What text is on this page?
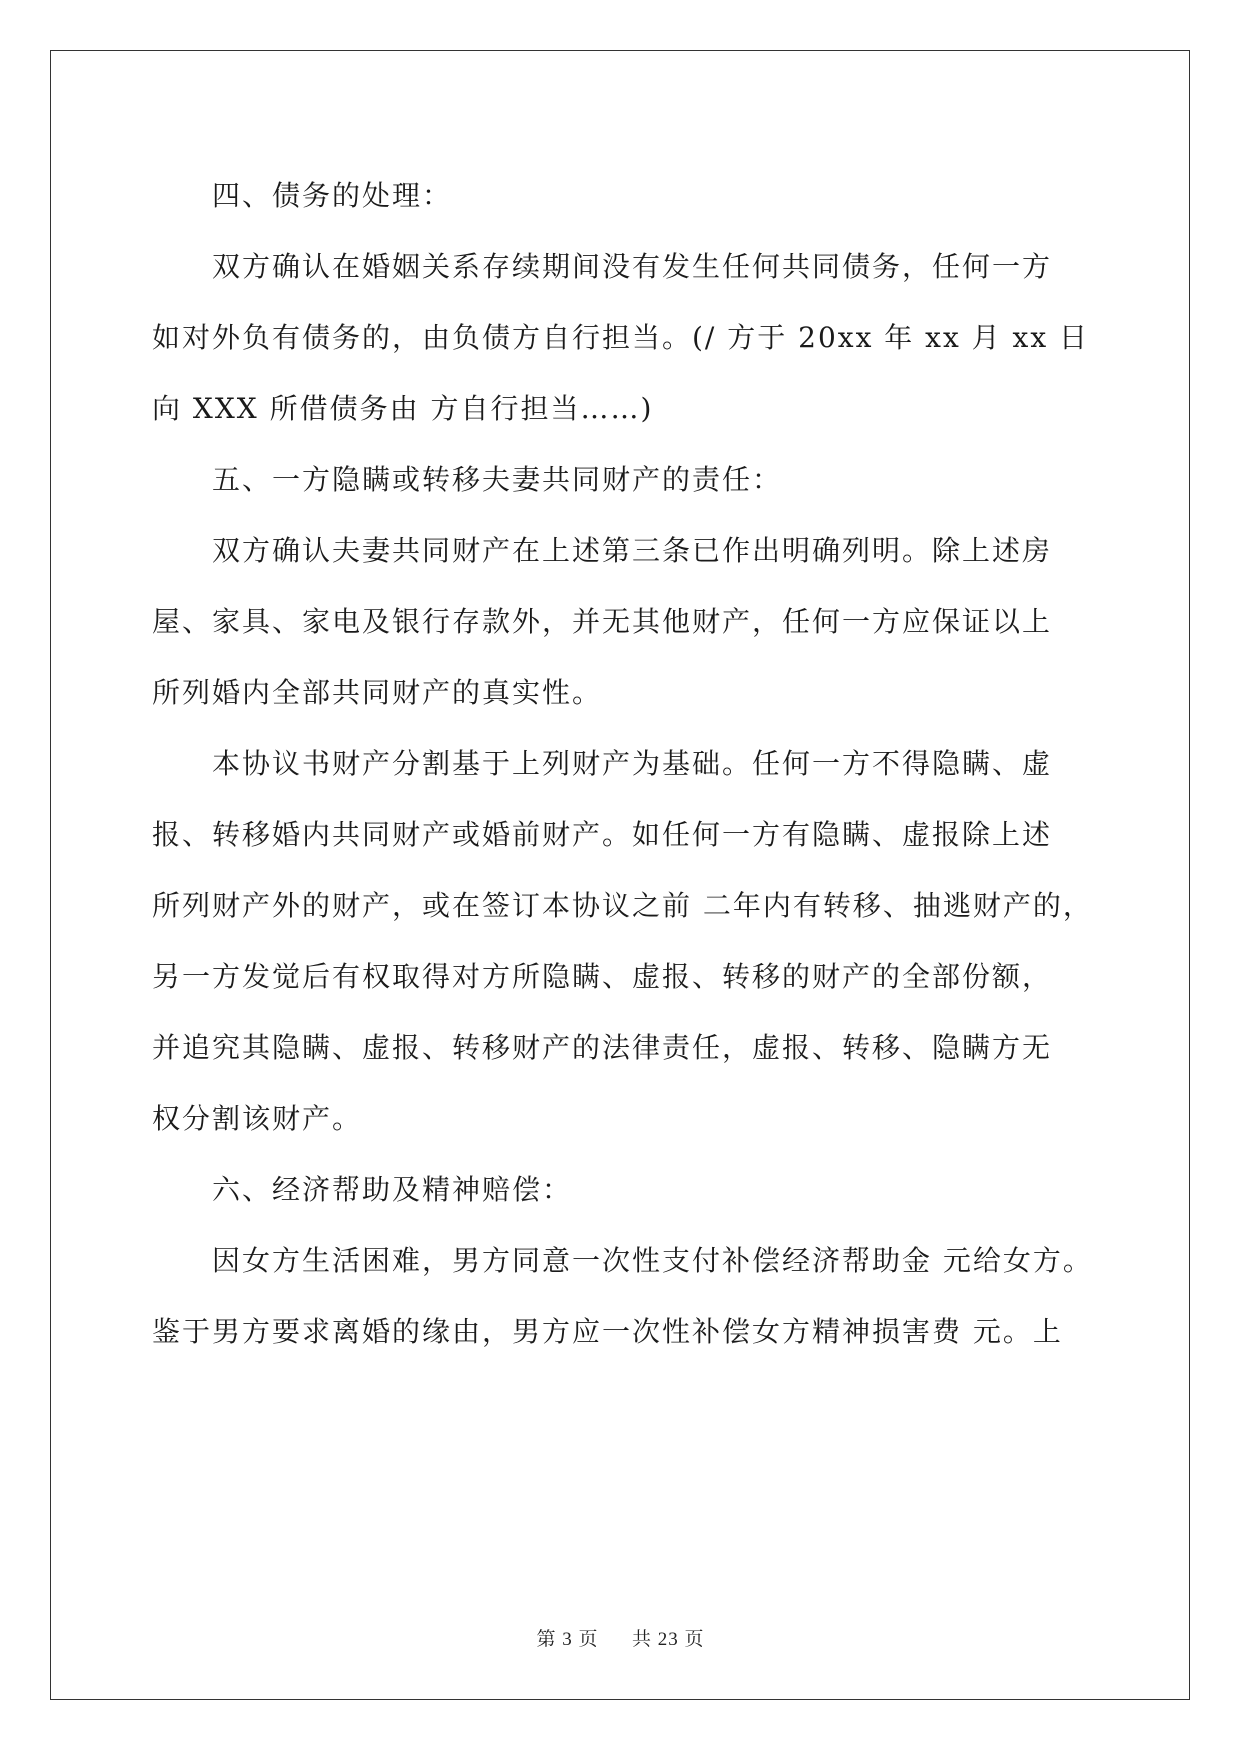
四、债务的处理：

双方确认在婚姻关系存续期间没有发生任何共同债务，任何一方
如对外负有债务的，由负债方自行担当。(/ 方于 20xx 年 xx 月 xx 日
向 XXX 所借债务由 方自行担当……)

五、一方隐瞒或转移夫妻共同财产的责任：

双方确认夫妻共同财产在上述第三条已作出明确列明。除上述房
屋、家具、家电及银行存款外，并无其他财产，任何一方应保证以上
所列婚内全部共同财产的真实性。

本协议书财产分割基于上列财产为基础。任何一方不得隐瞒、虚
报、转移婚内共同财产或婚前财产。如任何一方有隐瞒、虚报除上述
所列财产外的财产，或在签订本协议之前 二年内有转移、抽逃财产的，
另一方发觉后有权取得对方所隐瞒、虚报、转移的财产的全部份额，
并追究其隐瞒、虚报、转移财产的法律责任，虚报、转移、隐瞒方无
权分割该财产。

六、经济帮助及精神赔偿：

因女方生活困难，男方同意一次性支付补偿经济帮助金 元给女方。
鉴于男方要求离婚的缘由，男方应一次性补偿女方精神损害费 元。上

第 3 页 共 23 页
